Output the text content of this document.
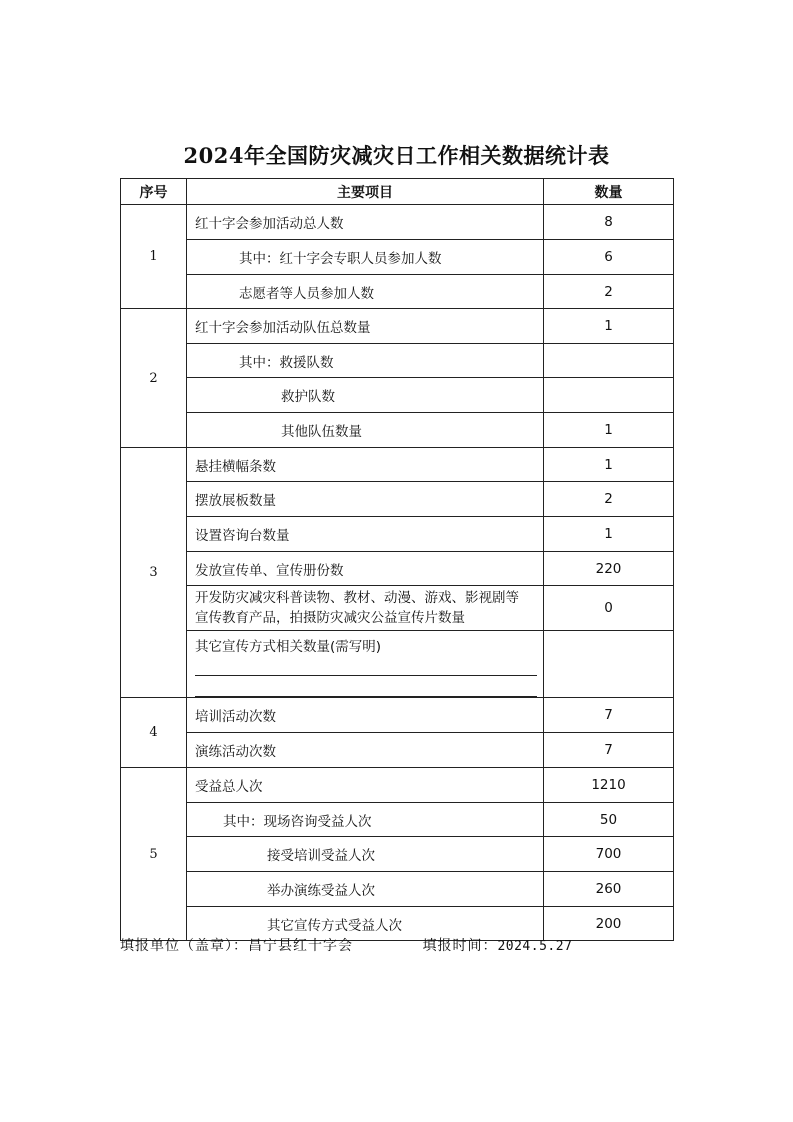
2024年全国防灾减灾日工作相关数据统计表
序号	主要项目	数量
1	红十字会参加活动总人数	8
	其中：红十字会专职人员参加人数	6
	志愿者等人员参加人数	2
2	红十字会参加活动队伍总数量	1
	其中：救援队数	
	救护队数	
	其他队伍数量	1
3	悬挂横幅条数	1
	摆放展板数量	2
	设置咨询台数量	1
	发放宣传单、宣传册份数	220

	开发防灾减灾科普读物、教材、动漫、游戏、影视剧等
宣传教育产品，拍摄防灾减灾公益宣传片数量	0

	其它宣传方式相关数量(需写明)	

4	培训活动次数	7
	演练活动次数	7
5	受益总人次	1210
	其中：现场咨询受益人次	50
	接受培训受益人次	700
	举办演练受益人次	260
	其它宣传方式受益人次	200
填报单位（盖章）：昌宁县红十字会	填报时间：2024.5.27
